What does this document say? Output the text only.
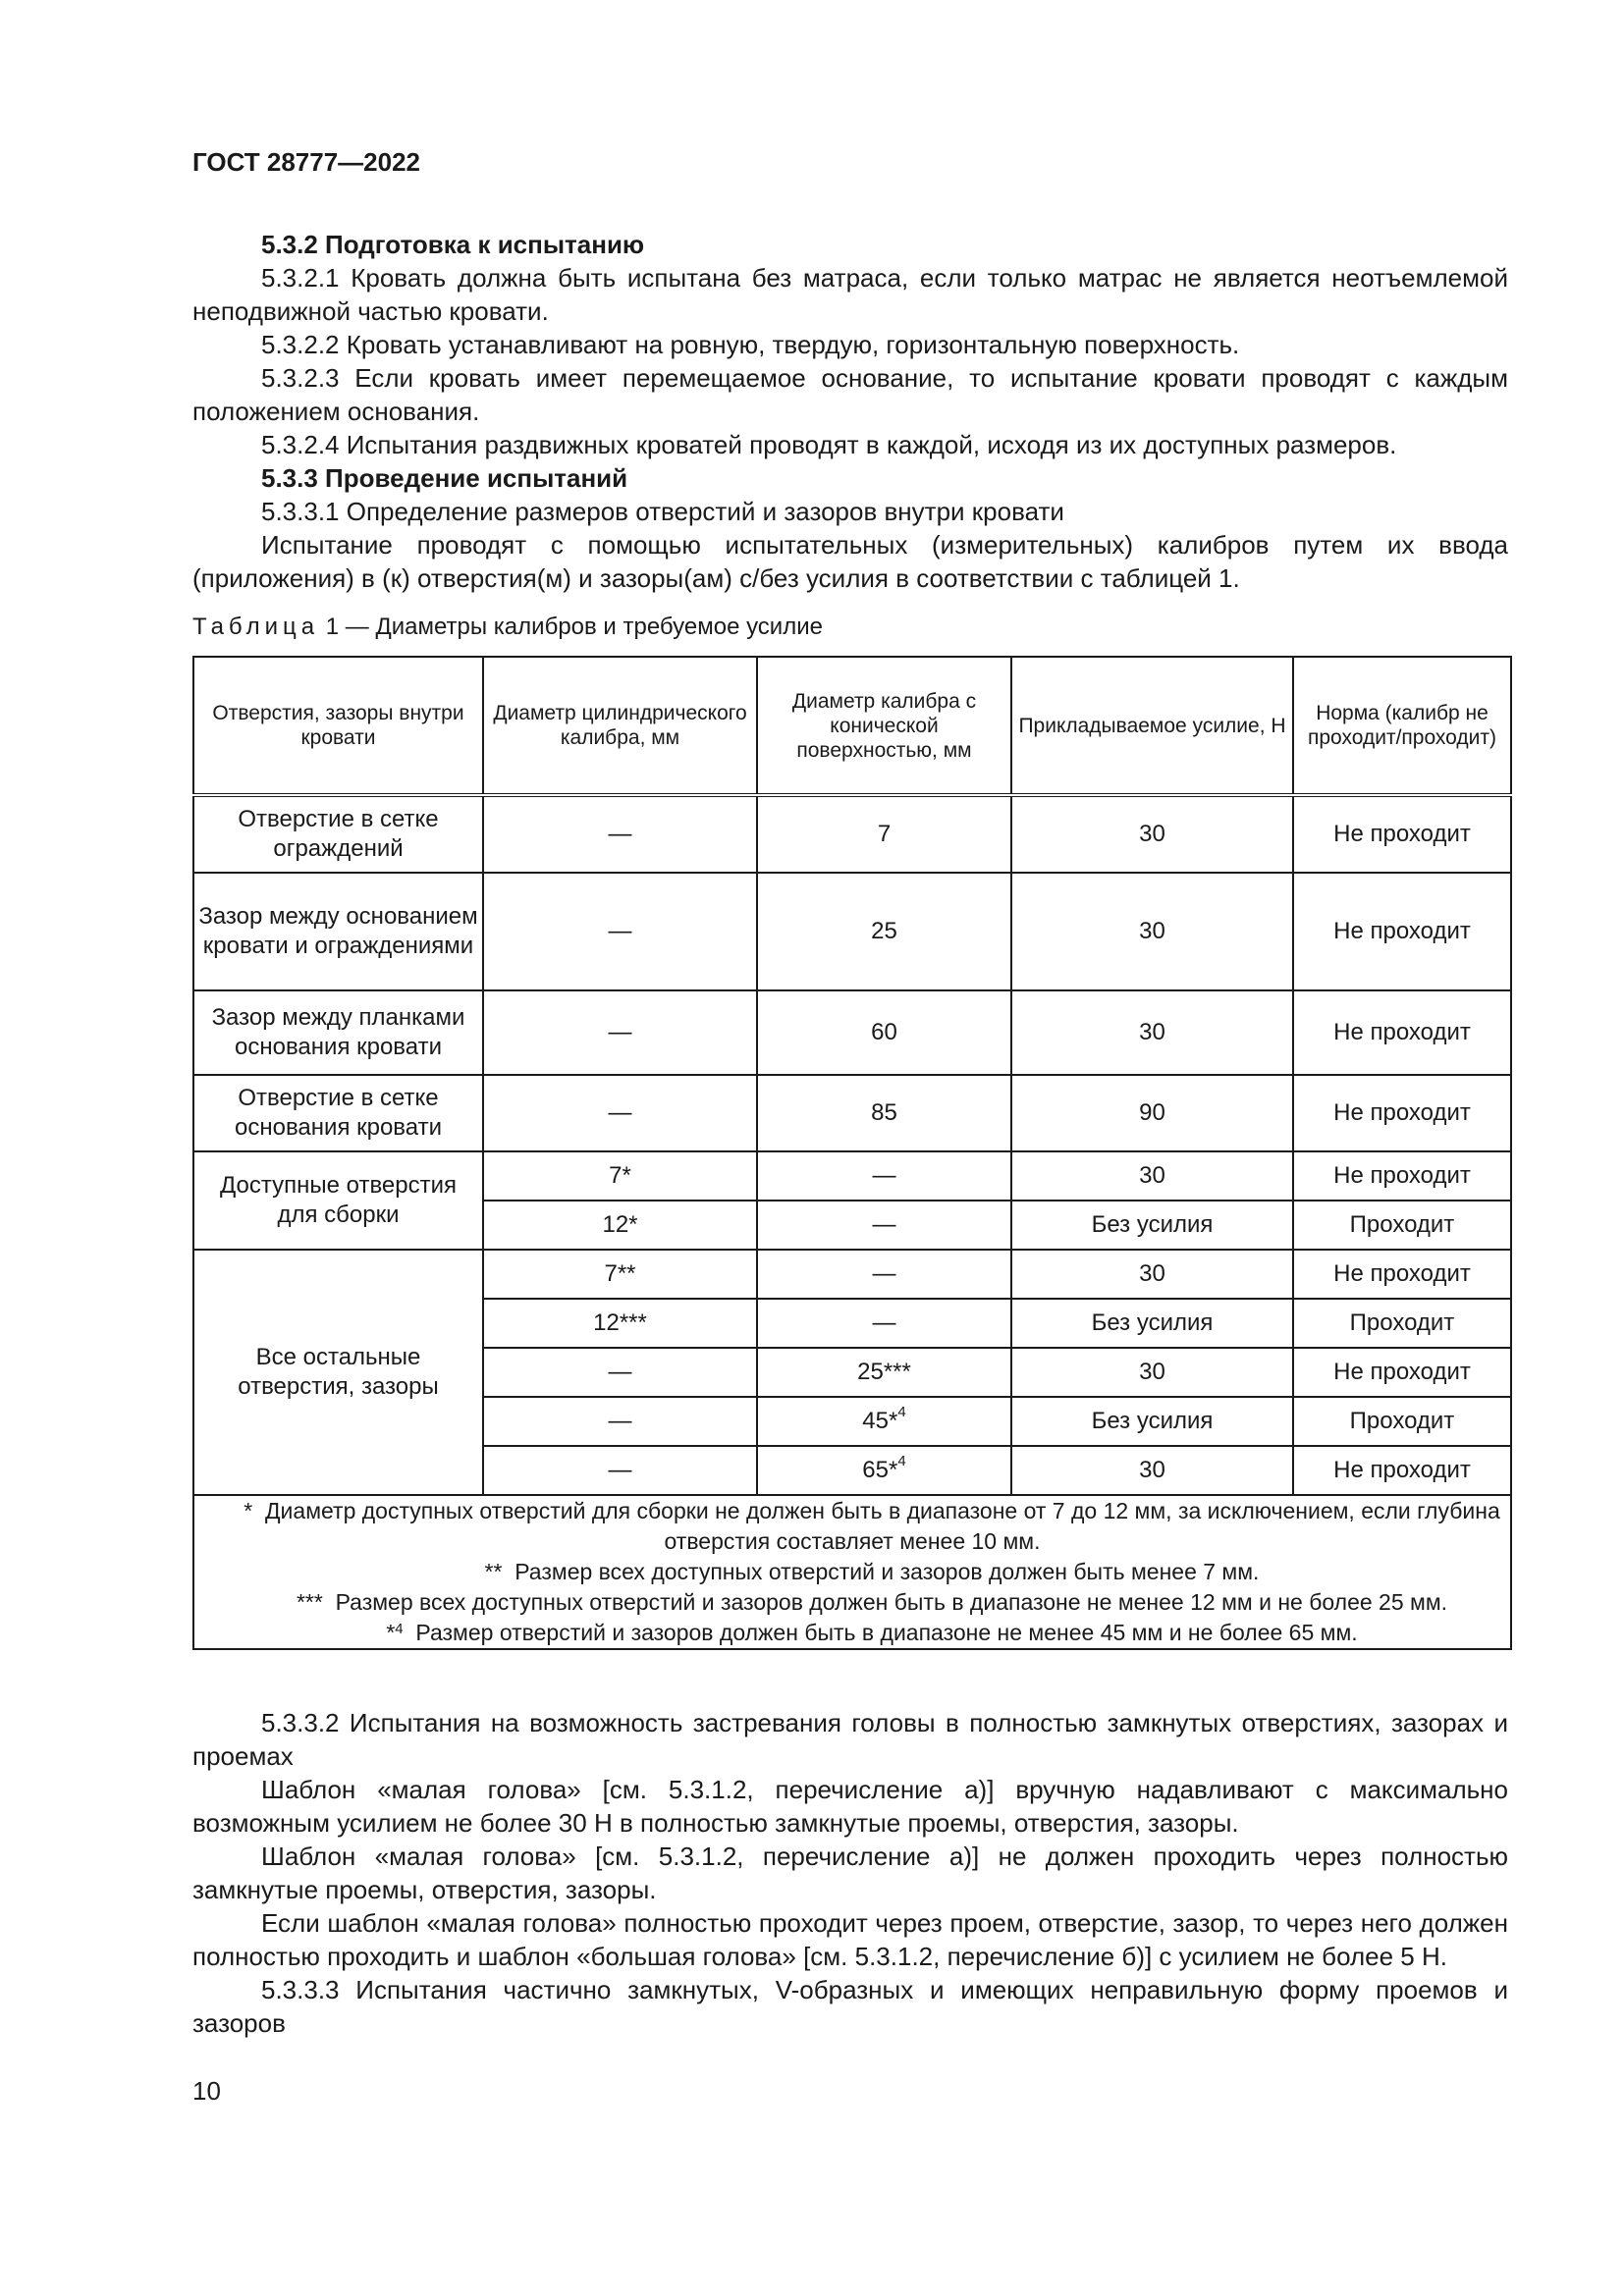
ГОСТ 28777—2022

5.3.2 Подготовка к испытанию

5.3.2.1 Кровать должна быть испытана без матраса, если только матрас не является неотъемлемой неподвижной частью кровати.

5.3.2.2 Кровать устанавливают на ровную, твердую, горизонтальную поверхность.

5.3.2.3 Если кровать имеет перемещаемое основание, то испытание кровати проводят с каждым положением основания.

5.3.2.4 Испытания раздвижных кроватей проводят в каждой, исходя из их доступных размеров.

5.3.3 Проведение испытаний

5.3.3.1 Определение размеров отверстий и зазоров внутри кровати

Испытание проводят с помощью испытательных (измерительных) калибров путем их ввода (приложения) в (к) отверстия(м) и зазоры(ам) с/без усилия в соответствии с таблицей 1.

Таблица 1 — Диаметры калибров и требуемое усилие
Отверстия, зазоры внутри кровати	Диаметр цилиндрического калибра, мм	Диаметр калибра с конической поверхностью, мм	Прикладываемое усилие, Н	Норма (калибр не проходит/проходит)
Отверстие в сетке ограждений	—	7	30	Не проходит
Зазор между основанием кровати и ограждениями	—	25	30	Не проходит
Зазор между планками основания кровати	—	60	30	Не проходит
Отверстие в сетке основания кровати	—	85	90	Не проходит
Доступные отверстия для сборки	7*	—	30	Не проходит
	12*	—	Без усилия	Проходит
Все остальные отверстия, зазоры	7**	—	30	Не проходит
	12***	—	Без усилия	Проходит
	—	25***	30	Не проходит
	—	45*$^4$	Без усилия	Проходит
	—	65*$^4$	30	Не проходит

* Диаметр доступных отверстий для сборки не должен быть в диапазоне от 7 до 12 мм, за исключением, если глубина отверстия составляет менее 10 мм.

** Размер всех доступных отверстий и зазоров должен быть менее 7 мм.

*** Размер всех доступных отверстий и зазоров должен быть в диапазоне не менее 12 мм и не более 25 мм.

*$^4$ Размер отверстий и зазоров должен быть в диапазоне не менее 45 мм и не более 65 мм.				

5.3.3.2 Испытания на возможность застревания головы в полностью замкнутых отверстиях, зазорах и проемах

Шаблон «малая голова» [см. 5.3.1.2, перечисление а)] вручную надавливают с максимально возможным усилием не более 30 Н в полностью замкнутые проемы, отверстия, зазоры.

Шаблон «малая голова» [см. 5.3.1.2, перечисление а)] не должен проходить через полностью замкнутые проемы, отверстия, зазоры.

Если шаблон «малая голова» полностью проходит через проем, отверстие, зазор, то через него должен полностью проходить и шаблон «большая голова» [см. 5.3.1.2, перечисление б)] с усилием не более 5 Н.

5.3.3.3 Испытания частично замкнутых, V-образных и имеющих неправильную форму проемов и зазоров

10
